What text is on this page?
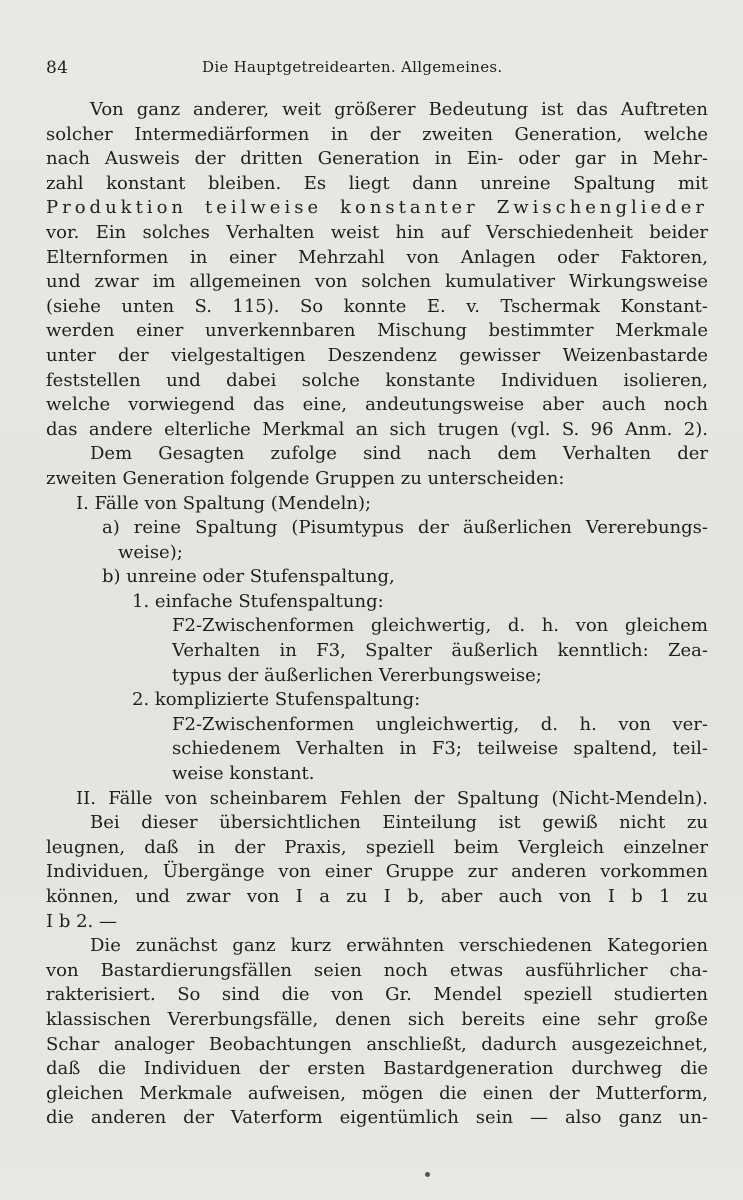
84	Die Hauptgetreidearten. Allgemeines.
Von ganz anderer, weit größerer Bedeutung ist das Auftreten
solcher Intermediärformen in der zweiten Generation, welche
nach Ausweis der dritten Generation in Ein- oder gar in Mehr-
zahl konstant bleiben. Es liegt dann unreine Spaltung mit
Produktion teilweise konstanter Zwischenglieder
vor. Ein solches Verhalten weist hin auf Verschiedenheit beider
Elternformen in einer Mehrzahl von Anlagen oder Faktoren,
und zwar im allgemeinen von solchen kumulativer Wirkungsweise
(siehe unten S. 115). So konnte E. v. Tschermak Konstant-
werden einer unverkennbaren Mischung bestimmter Merkmale
unter der vielgestaltigen Deszendenz gewisser Weizenbastarde
feststellen und dabei solche konstante Individuen isolieren,
welche vorwiegend das eine, andeutungsweise aber auch noch
das andere elterliche Merkmal an sich trugen (vgl. S. 96 Anm. 2).
Dem Gesagten zufolge sind nach dem Verhalten der
zweiten Generation folgende Gruppen zu unterscheiden:
I. Fälle von Spaltung (Mendeln);
a) reine Spaltung (Pisumtypus der äußerlichen Vererebungs-
weise);
b) unreine oder Stufenspaltung,
1. einfache Stufenspaltung:
F2-Zwischenformen gleichwertig, d. h. von gleichem
Verhalten in F3, Spalter äußerlich kenntlich: Zea-
typus der äußerlichen Vererbungsweise;
2. komplizierte Stufenspaltung:
F2-Zwischenformen ungleichwertig, d. h. von ver-
schiedenem Verhalten in F3; teilweise spaltend, teil-
weise konstant.
II. Fälle von scheinbarem Fehlen der Spaltung (Nicht-Mendeln).
Bei dieser übersichtlichen Einteilung ist gewiß nicht zu
leugnen, daß in der Praxis, speziell beim Vergleich einzelner
Individuen, Übergänge von einer Gruppe zur anderen vorkommen
können, und zwar von I a zu I b, aber auch von I b 1 zu
I b 2. —
Die zunächst ganz kurz erwähnten verschiedenen Kategorien
von Bastardierungsfällen seien noch etwas ausführlicher cha-
rakterisiert. So sind die von Gr. Mendel speziell studierten
klassischen Vererbungsfälle, denen sich bereits eine sehr große
Schar analoger Beobachtungen anschließt, dadurch ausgezeichnet,
daß die Individuen der ersten Bastardgeneration durchweg die
gleichen Merkmale aufweisen, mögen die einen der Mutterform,
die anderen der Vaterform eigentümlich sein — also ganz un-
